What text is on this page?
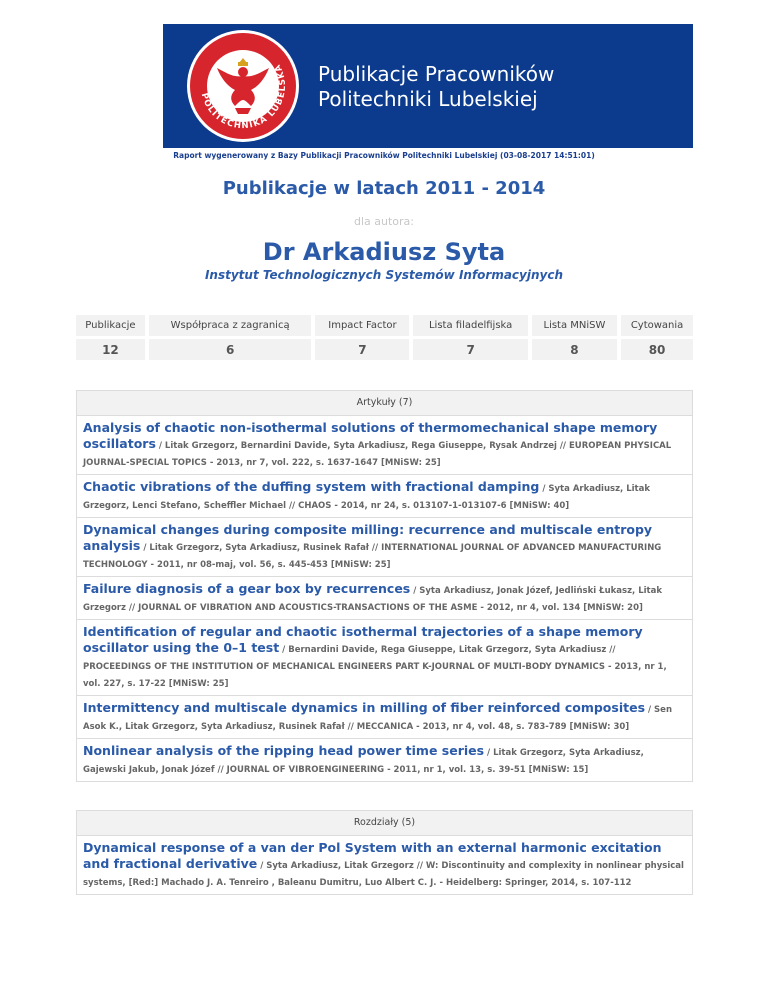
POLITECHNIKA LUBELSKA Publikacje Pracowników
Politechniki Lubelskiej
Raport wygenerowany z Bazy Publikacji Pracowników Politechniki Lubelskiej (03-08-2017 14:51:01)
Publikacje w latach 2011 - 2014
dla autora:
Dr Arkadiusz Syta
Instytut Technologicznych Systemów Informacyjnych
Publikacje	Współpraca z zagranicą	Impact Factor	Lista filadelfijska	Lista MNiSW	Cytowania
12	6	7	7	8	80
Artykuły (7)
Analysis of chaotic non-isothermal solutions of thermomechanical shape memory oscillators / Litak Grzegorz, Bernardini Davide, Syta Arkadiusz, Rega Giuseppe, Rysak Andrzej // EUROPEAN PHYSICAL JOURNAL-SPECIAL TOPICS - 2013, nr 7, vol. 222, s. 1637-1647 [MNiSW: 25]
Chaotic vibrations of the duffing system with fractional damping / Syta Arkadiusz, Litak Grzegorz, Lenci Stefano, Scheffler Michael // CHAOS - 2014, nr 24, s. 013107-1-013107-6 [MNiSW: 40]
Dynamical changes during composite milling: recurrence and multiscale entropy analysis / Litak Grzegorz, Syta Arkadiusz, Rusinek Rafał // INTERNATIONAL JOURNAL OF ADVANCED MANUFACTURING TECHNOLOGY - 2011, nr 08-maj, vol. 56, s. 445-453 [MNiSW: 25]
Failure diagnosis of a gear box by recurrences / Syta Arkadiusz, Jonak Józef, Jedliński Łukasz, Litak Grzegorz // JOURNAL OF VIBRATION AND ACOUSTICS-TRANSACTIONS OF THE ASME - 2012, nr 4, vol. 134 [MNiSW: 20]
Identification of regular and chaotic isothermal trajectories of a shape memory oscillator using the 0–1 test / Bernardini Davide, Rega Giuseppe, Litak Grzegorz, Syta Arkadiusz // PROCEEDINGS OF THE INSTITUTION OF MECHANICAL ENGINEERS PART K-JOURNAL OF MULTI-BODY DYNAMICS - 2013, nr 1, vol. 227, s. 17-22 [MNiSW: 25]
Intermittency and multiscale dynamics in milling of fiber reinforced composites / Sen Asok K., Litak Grzegorz, Syta Arkadiusz, Rusinek Rafał // MECCANICA - 2013, nr 4, vol. 48, s. 783-789 [MNiSW: 30]
Nonlinear analysis of the ripping head power time series / Litak Grzegorz, Syta Arkadiusz, Gajewski Jakub, Jonak Józef // JOURNAL OF VIBROENGINEERING - 2011, nr 1, vol. 13, s. 39-51 [MNiSW: 15]
Rozdziały (5)
Dynamical response of a van der Pol System with an external harmonic excitation and fractional derivative / Syta Arkadiusz, Litak Grzegorz // W: Discontinuity and complexity in nonlinear physical systems, [Red:] Machado J. A. Tenreiro , Baleanu Dumitru, Luo Albert C. J. - Heidelberg: Springer, 2014, s. 107-112
